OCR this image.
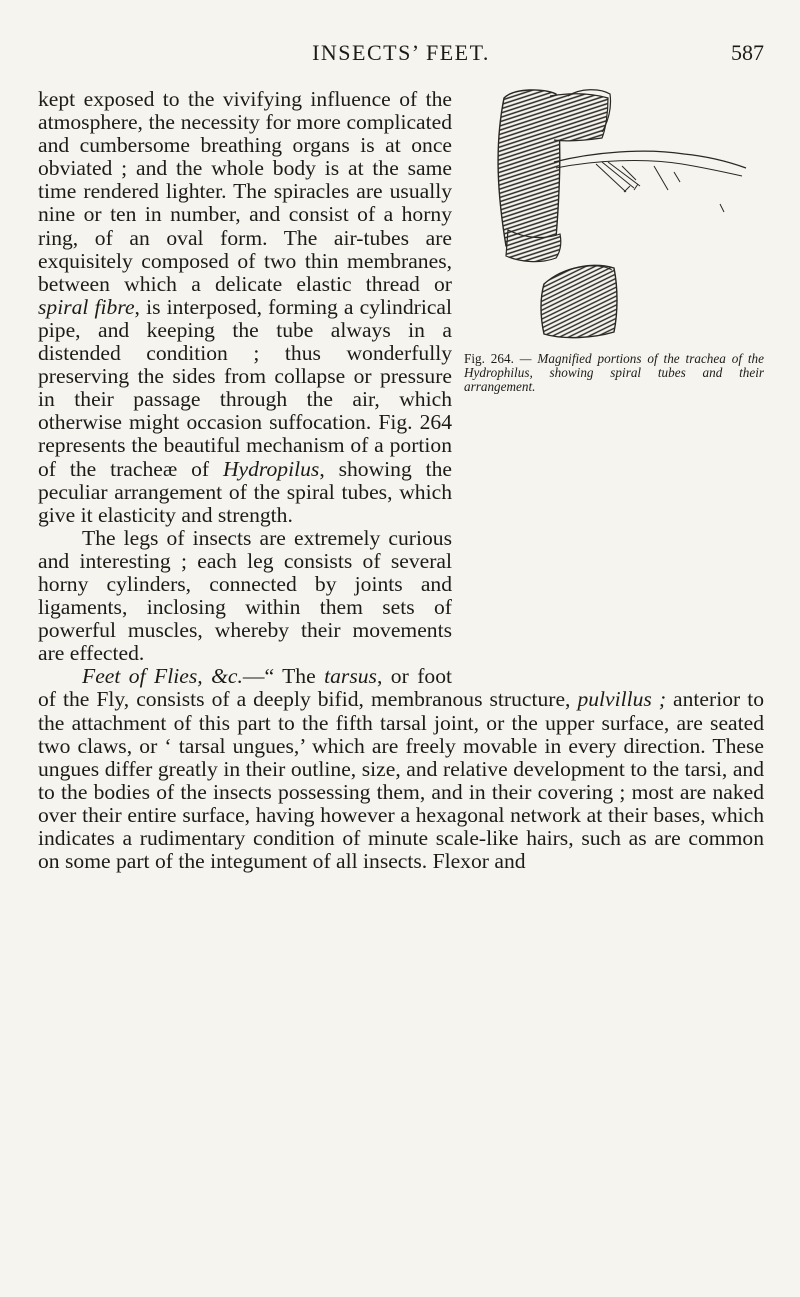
INSECTS’ FEET.	587
Fig. 264. — Magnified portions of the trachea of the Hydrophilus, showing spiral tubes and their arrangement.

kept exposed to the vivifying influence of the atmosphere, the necessity for more complicated and cumbersome breathing organs is at once obviated ; and the whole body is at the same time rendered lighter. The spiracles are usually nine or ten in number, and consist of a horny ring, of an oval form. The air-tubes are exquisitely composed of two thin membranes, between which a delicate elastic thread or spiral fibre, is interposed, forming a cylindrical pipe, and keeping the tube always in a distended condition ; thus wonderfully preserving the sides from collapse or pressure in their passage through the air, which otherwise might occasion suffocation. Fig. 264 represents the beautiful mechanism of a portion of the tracheæ of Hydropilus, showing the peculiar arrangement of the spiral tubes, which give it elasticity and strength.

The legs of insects are extremely curious and interesting ; each leg consists of several horny cylinders, connected by joints and ligaments, inclosing within them sets of powerful muscles, whereby their movements are effected.

Feet of Flies, &c.—“ The tarsus, or foot of the Fly, consists of a deeply bifid, membranous structure, pulvillus ; anterior to the attachment of this part to the fifth tarsal joint, or the upper surface, are seated two claws, or ‘ tarsal ungues,’ which are freely movable in every direction. These ungues differ greatly in their outline, size, and relative development to the tarsi, and to the bodies of the insects possessing them, and in their covering ; most are naked over their entire surface, having however a hexagonal network at their bases, which indicates a rudimentary condition of minute scale-like hairs, such as are common on some part of the integument of all insects. Flexor and
